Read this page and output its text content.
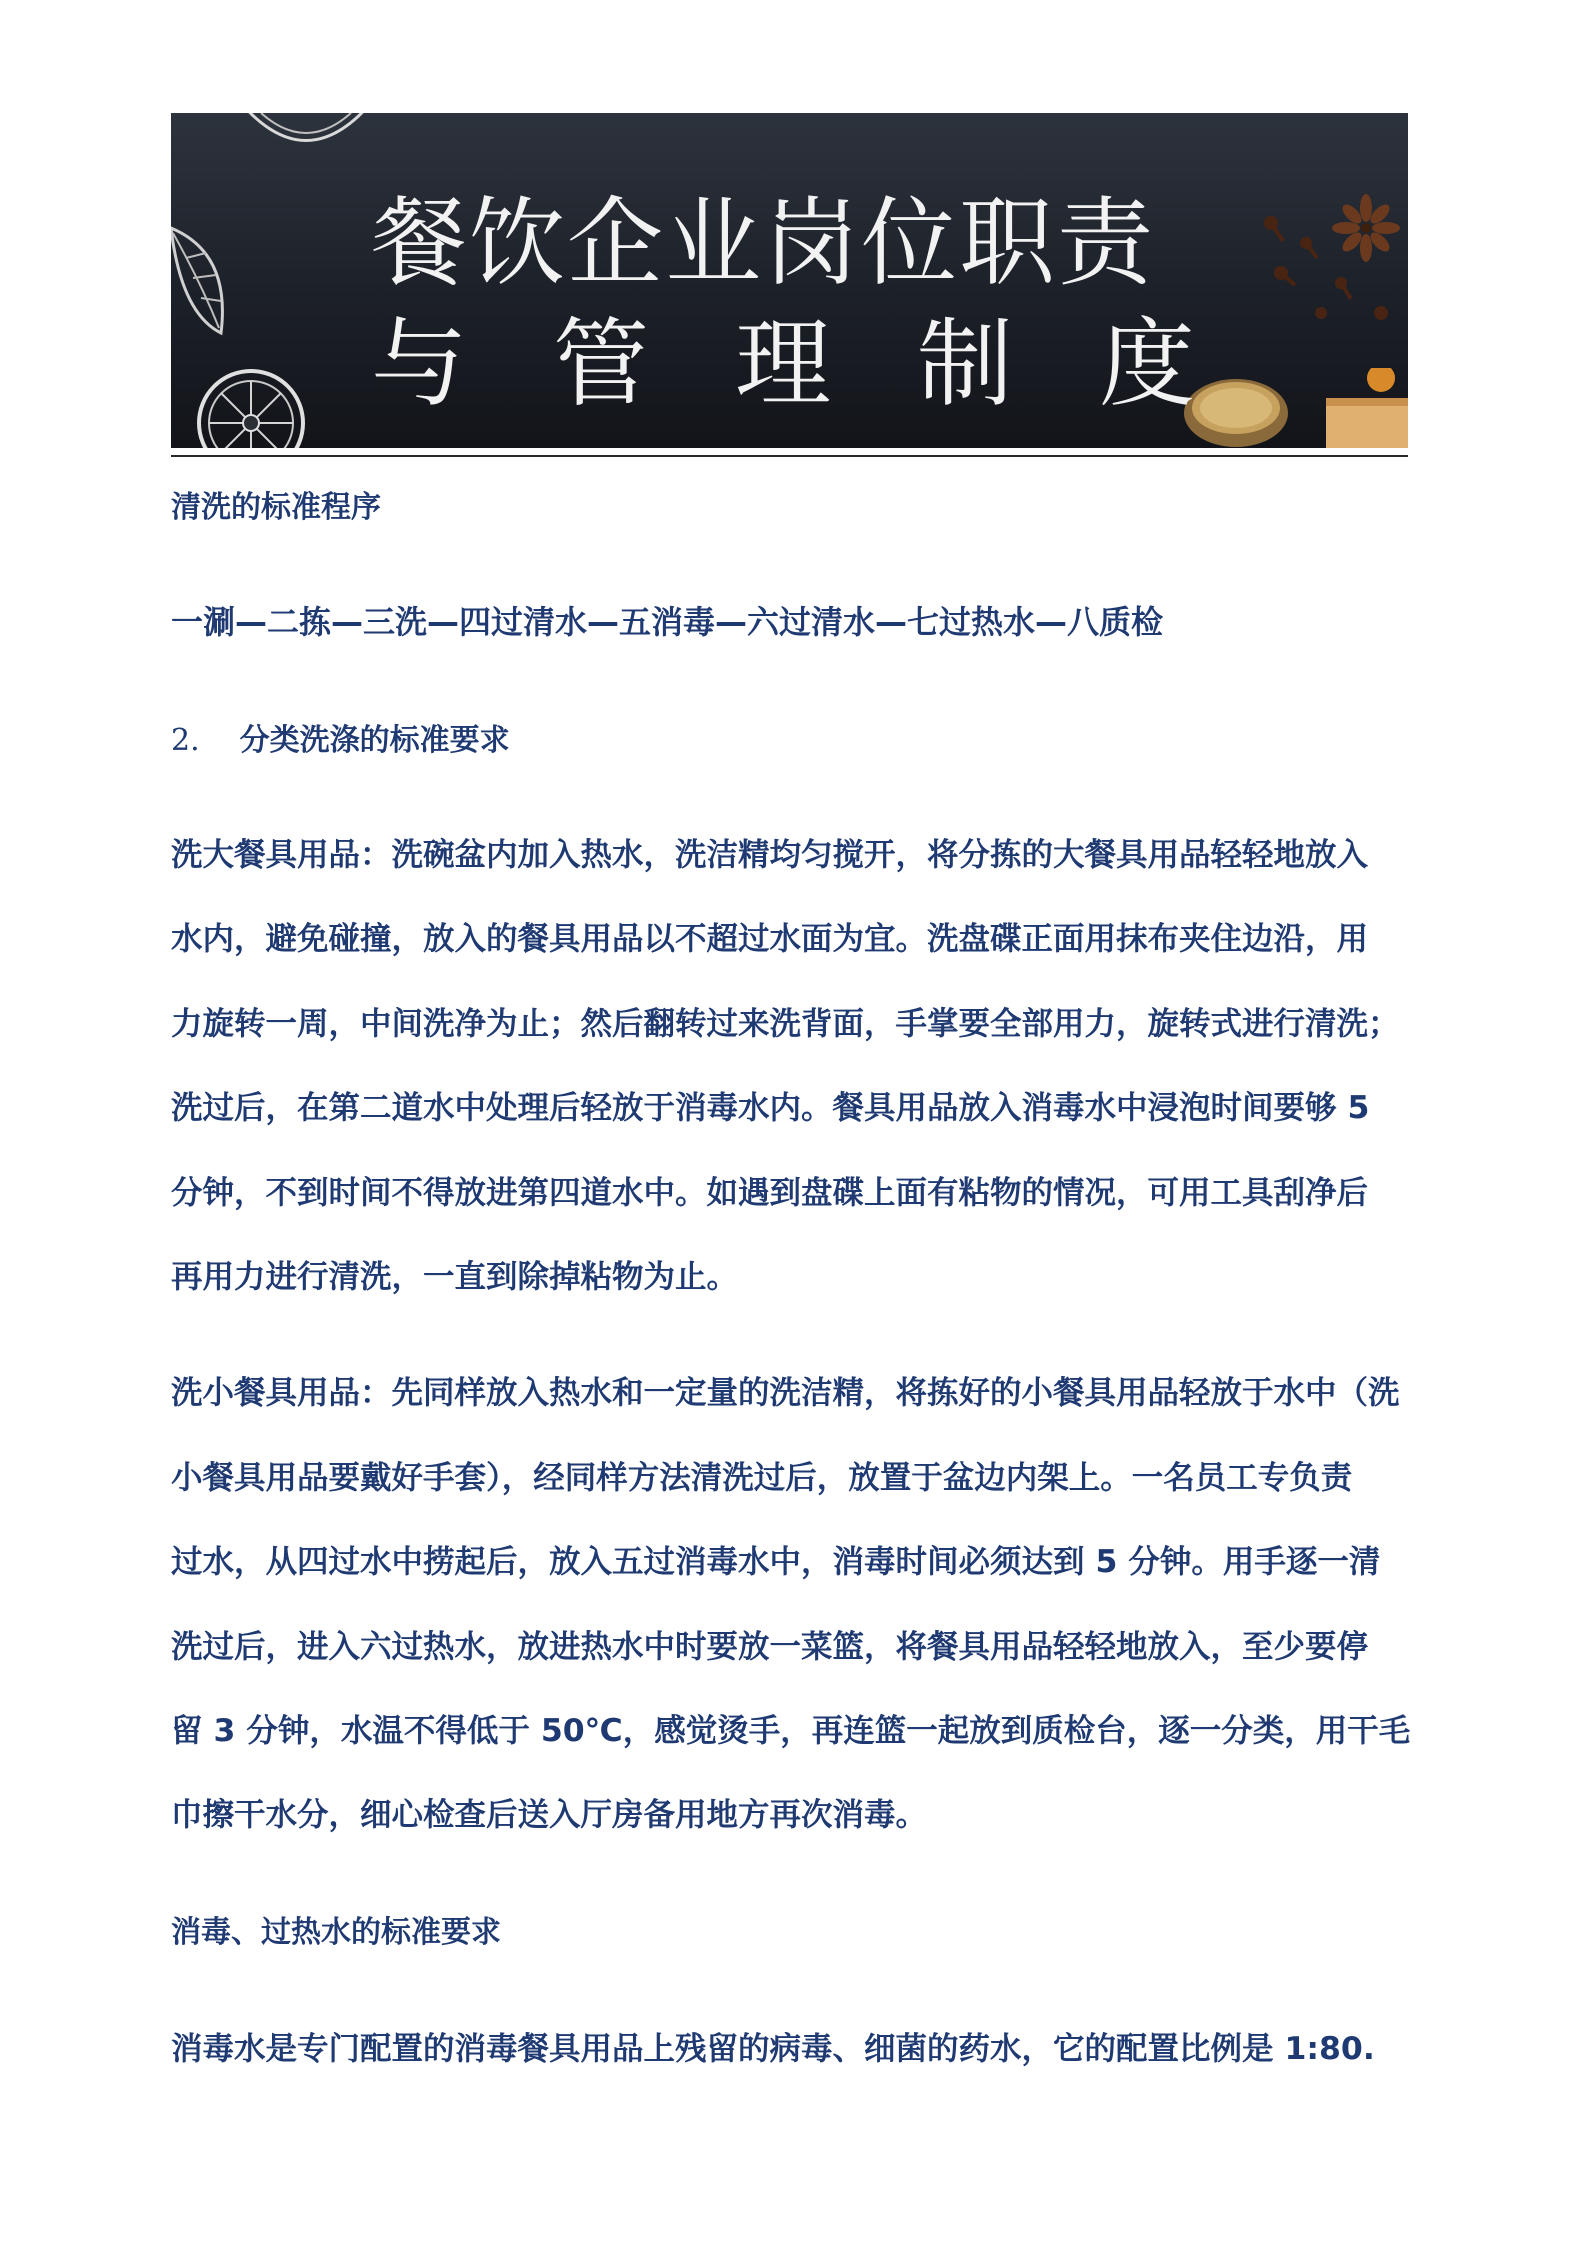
餐饮企业岗位职责
与管理制度
清洗的标准程序
一涮—二拣—三洗—四过清水—五消毒—六过清水—七过热水—八质检
2. 分类洗涤的标准要求
洗大餐具用品：洗碗盆内加入热水，洗洁精均匀搅开，将分拣的大餐具用品轻轻地放入
水内，避免碰撞，放入的餐具用品以不超过水面为宜。洗盘碟正面用抹布夹住边沿，用
力旋转一周，中间洗净为止；然后翻转过来洗背面，手掌要全部用力，旋转式进行清洗；
洗过后，在第二道水中处理后轻放于消毒水内。餐具用品放入消毒水中浸泡时间要够 5
分钟，不到时间不得放进第四道水中。如遇到盘碟上面有粘物的情况，可用工具刮净后
再用力进行清洗，一直到除掉粘物为止。
洗小餐具用品：先同样放入热水和一定量的洗洁精，将拣好的小餐具用品轻放于水中（洗
小餐具用品要戴好手套），经同样方法清洗过后，放置于盆边内架上。一名员工专负责
过水，从四过水中捞起后，放入五过消毒水中，消毒时间必须达到 5 分钟。用手逐一清
洗过后，进入六过热水，放进热水中时要放一菜篮，将餐具用品轻轻地放入，至少要停
留 3 分钟，水温不得低于 50℃，感觉烫手，再连篮一起放到质检台，逐一分类，用干毛
巾擦干水分，细心检查后送入厅房备用地方再次消毒。
消毒、过热水的标准要求
消毒水是专门配置的消毒餐具用品上残留的病毒、细菌的药水，它的配置比例是 1:80.
